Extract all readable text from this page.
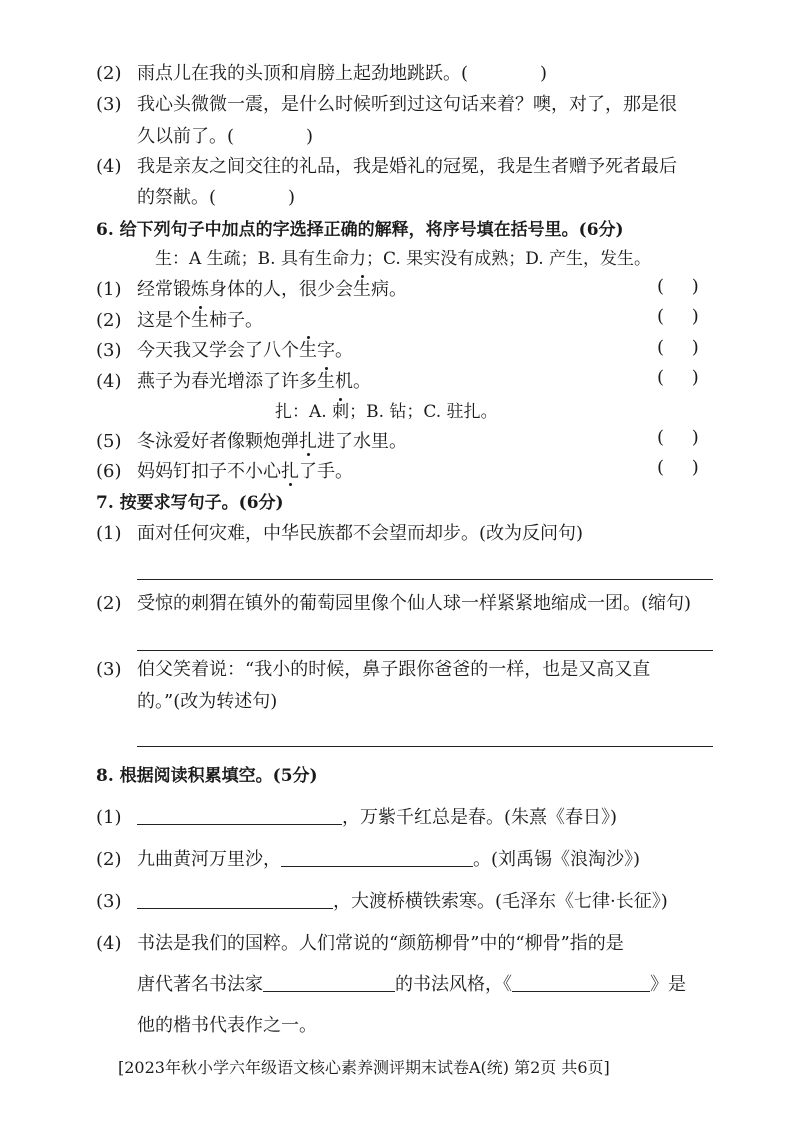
(2) 雨点儿在我的头顶和肩膀上起劲地跳跃。(	)
(3) 我心头微微一震，是什么时候听到过这句话来着？噢，对了，那是很
久以前了。(	)
(4) 我是亲友之间交往的礼品，我是婚礼的冠冕，我是生者赠予死者最后
的祭献。(	)
6. 给下列句子中加点的字选择正确的解释，将序号填在括号里。(6分)
生：A 生疏；B. 具有生命力；C. 果实没有成熟；D. 产生，发生。
(1) 经常锻炼身体的人，很少会生病。	( )
(2) 这是个生柿子。	( )
(3) 今天我又学会了八个生字。	( )
(4) 燕子为春光增添了许多生机。	( )
扎：A. 刺；B. 钻；C. 驻扎。
(5) 冬泳爱好者像颗炮弹扎进了水里。	( )
(6) 妈妈钉扣子不小心扎了手。	( )
7. 按要求写句子。(6分)
(1) 面对任何灾难，中华民族都不会望而却步。(改为反问句)
(2) 受惊的刺猬在镇外的葡萄园里像个仙人球一样紧紧地缩成一团。(缩句)
(3) 伯父笑着说：“我小的时候，鼻子跟你爸爸的一样，也是又高又直
的。”(改为转述句)
8. 根据阅读积累填空。(5分)
(1)	，万紫千红总是春。(朱熹《春日》)
(2) 九曲黄河万里沙，	。(刘禹锡《浪淘沙》)
(3)	，大渡桥横铁索寒。(毛泽东《七律·长征》)
(4) 书法是我们的国粹。人们常说的“颜筋柳骨”中的“柳骨”指的是
唐代著名书法家	的书法风格，《	》是
他的楷书代表作之一。
[2023年秋小学六年级语文核心素养测评期末试卷A(统) 第2页 共6页]
